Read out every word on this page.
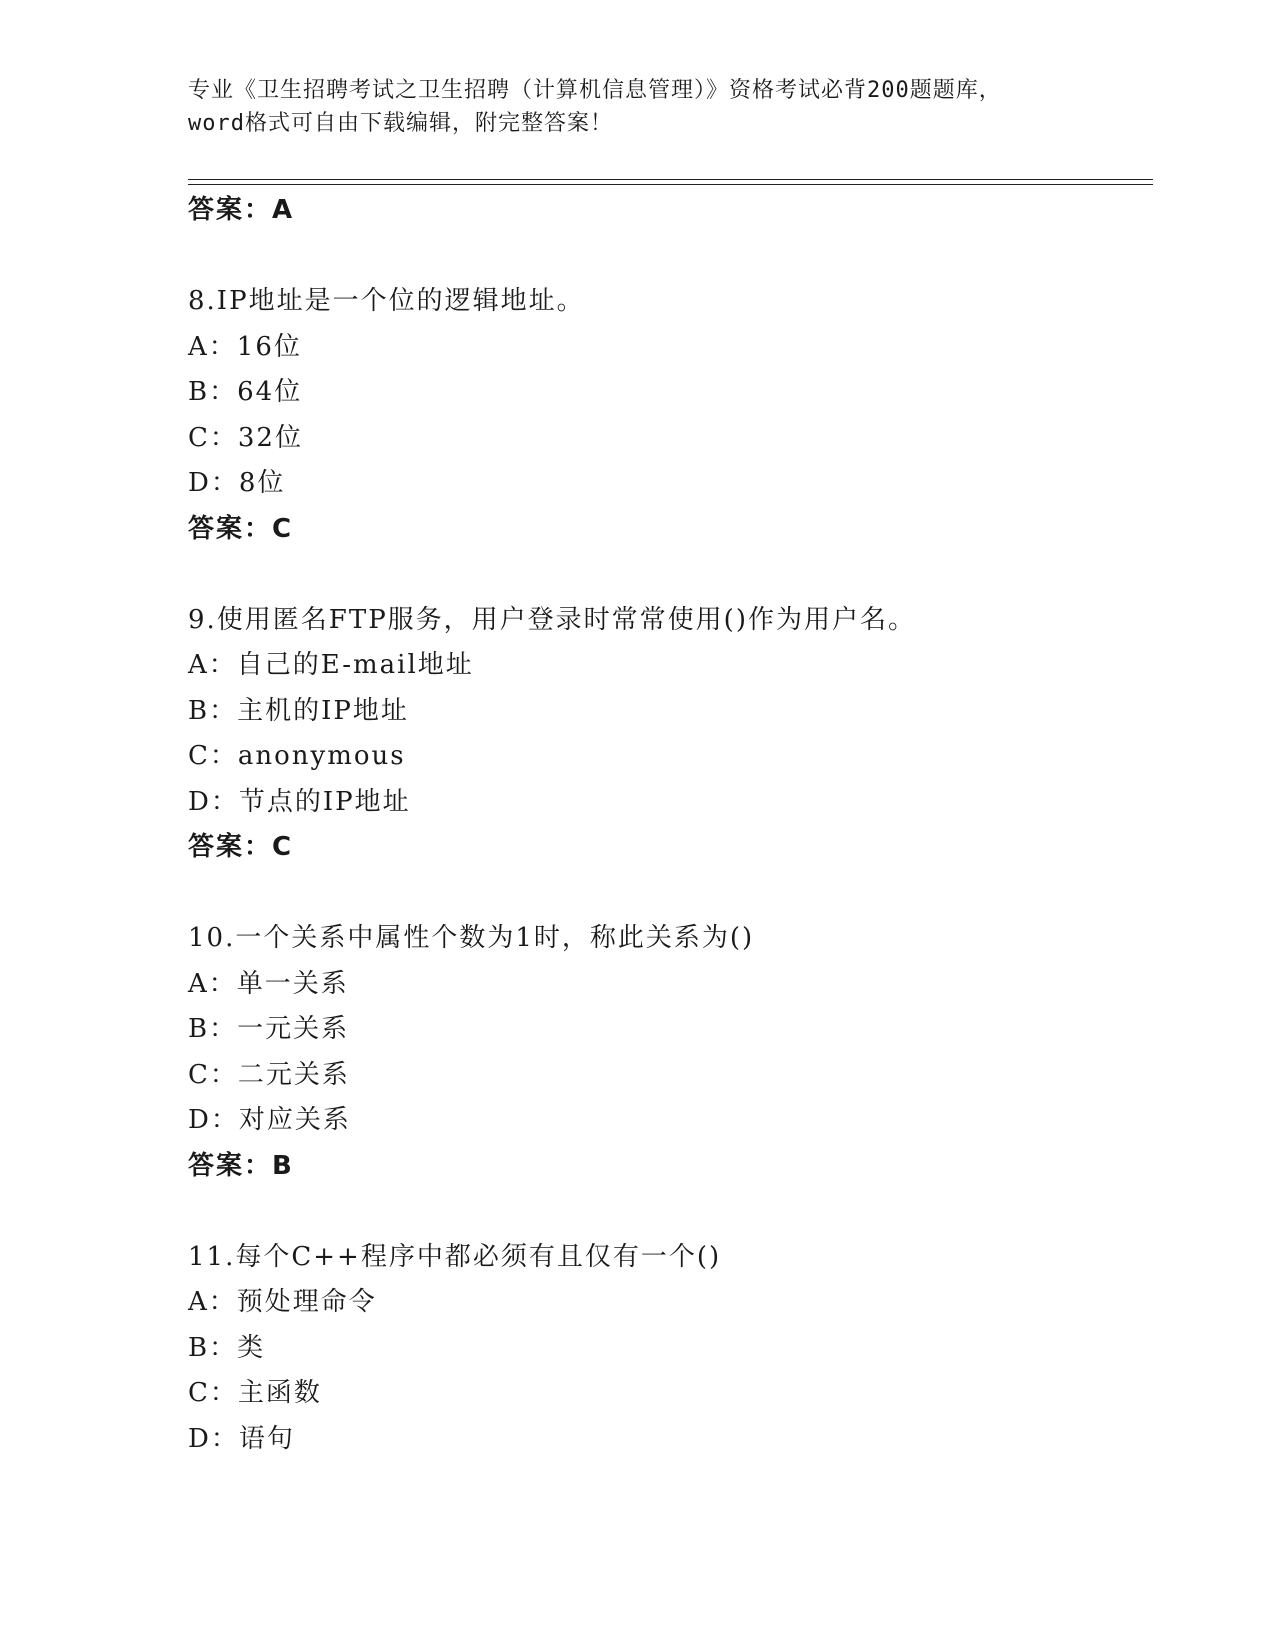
专业《卫生招聘考试之卫生招聘（计算机信息管理）》资格考试必背200题题库，
word格式可自由下载编辑，附完整答案！
答案：A
8.IP地址是一个位的逻辑地址。
A：16位
B：64位
C：32位
D：8位
答案：C
9.使用匿名FTP服务，用户登录时常常使用()作为用户名。
A：自己的E-mail地址
B：主机的IP地址
C：anonymous
D：节点的IP地址
答案：C
10.一个关系中属性个数为1时，称此关系为()
A：单一关系
B：一元关系
C：二元关系
D：对应关系
答案：B
11.每个C++程序中都必须有且仅有一个()
A：预处理命令
B：类
C：主函数
D：语句
